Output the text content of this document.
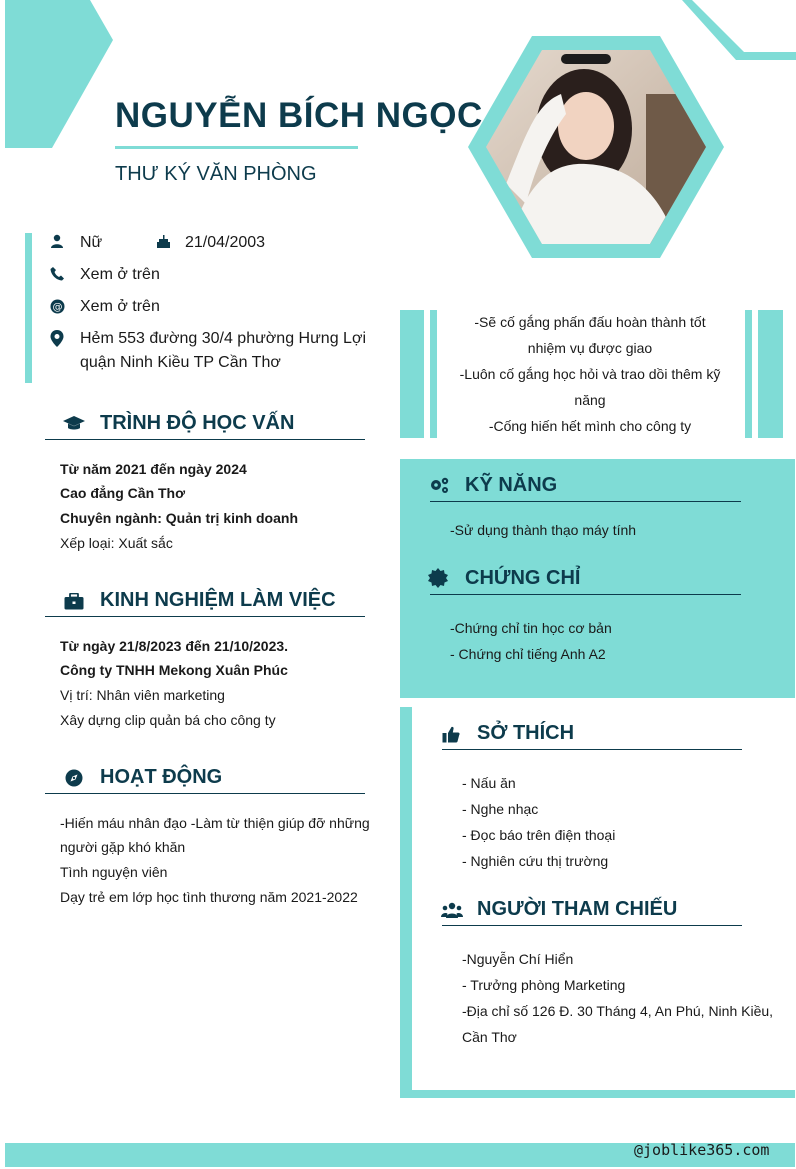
NGUYỄN BÍCH NGỌC
THƯ KÝ VĂN PHÒNG
Nữ	21/04/2003
Xem ở trên
@ Xem ở trên
Hẻm 553 đường 30/4 phường Hưng Lợi quận Ninh Kiều TP Cần Thơ
-Sẽ cố gắng phấn đấu hoàn thành tốt
nhiệm vụ được giao
-Luôn cố gắng học hỏi và trao dồi thêm kỹ
năng
-Cống hiến hết mình cho công ty
TRÌNH ĐỘ HỌC VẤN
Từ năm 2021 đến ngày 2024
Cao đẳng Cần Thơ
Chuyên ngành: Quản trị kinh doanh
Xếp loại: Xuất sắc
KINH NGHIỆM LÀM VIỆC
Từ ngày 21/8/2023 đến 21/10/2023.
Công ty TNHH Mekong Xuân Phúc
Vị trí: Nhân viên marketing
Xây dựng clip quản bá cho công ty
HOẠT ĐỘNG
-Hiến máu nhân đạo -Làm từ thiện giúp đỡ những
người gặp khó khăn
Tình nguyện viên
Dạy trẻ em lớp học tình thương năm 2021-2022
KỸ NĂNG
-Sử dụng thành thạo máy tính
CHỨNG CHỈ
-Chứng chỉ tin học cơ bản
- Chứng chỉ tiếng Anh A2
SỞ THÍCH
- Nấu ăn
- Nghe nhạc
- Đọc báo trên điện thoại
- Nghiên cứu thị trường
NGƯỜI THAM CHIẾU
-Nguyễn Chí Hiển
- Trưởng phòng Marketing
-Địa chỉ số 126 Đ. 30 Tháng 4, An Phú, Ninh Kiều,
Cần Thơ
@joblike365.com
